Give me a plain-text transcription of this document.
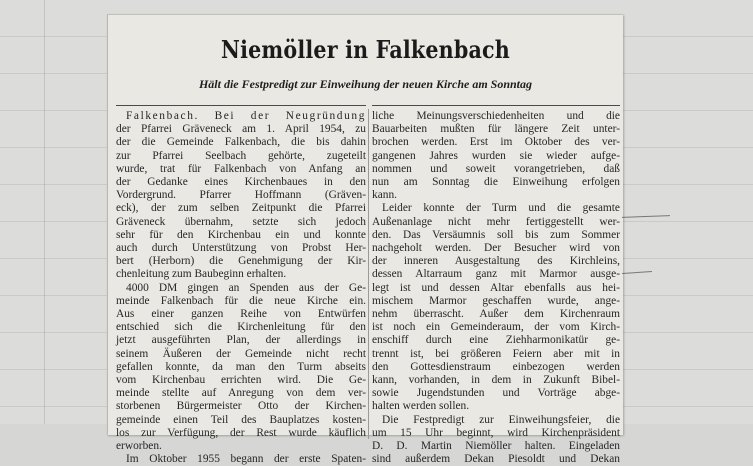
Niemöller in Falkenbach
Hält die Festpredigt zur Einweihung der neuen Kirche am Sonntag
Falkenbach. Bei der Neugründung
der Pfarrei Gräveneck am 1. April 1954, zu
der die Gemeinde Falkenbach, die bis dahin
zur Pfarrei Seelbach gehörte, zugeteilt
wurde, trat für Falkenbach von Anfang an
der Gedanke eines Kirchenbaues in den
Vordergrund. Pfarrer Hoffmann (Gräven-
eck), der zum selben Zeitpunkt die Pfarrei
Gräveneck übernahm, setzte sich jedoch
sehr für den Kirchenbau ein und konnte
auch durch Unterstützung von Probst Her-
bert (Herborn) die Genehmigung der Kir-
chenleitung zum Baubeginn erhalten.
4000 DM gingen an Spenden aus der Ge-
meinde Falkenbach für die neue Kirche ein.
Aus einer ganzen Reihe von Entwürfen
entschied sich die Kirchenleitung für den
jetzt ausgeführten Plan, der allerdings in
seinem Äußeren der Gemeinde nicht recht
gefallen konnte, da man den Turm abseits
vom Kirchenbau errichten wird. Die Ge-
meinde stellte auf Anregung von dem ver-
storbenen Bürgermeister Otto der Kirchen-
gemeinde einen Teil des Bauplatzes kosten-
los zur Verfügung, der Rest wurde käuflich
erworben.
Im Oktober 1955 begann der erste Spaten-
liche Meinungsverschiedenheiten und die
Bauarbeiten mußten für längere Zeit unter-
brochen werden. Erst im Oktober des ver-
gangenen Jahres wurden sie wieder aufge-
nommen und soweit vorangetrieben, daß
nun am Sonntag die Einweihung erfolgen
kann.
Leider konnte der Turm und die gesamte
Außenanlage nicht mehr fertiggestellt wer-
den. Das Versäumnis soll bis zum Sommer
nachgeholt werden. Der Besucher wird von
der inneren Ausgestaltung des Kirchleins,
dessen Altarraum ganz mit Marmor ausge-
legt ist und dessen Altar ebenfalls aus hei-
mischem Marmor geschaffen wurde, ange-
nehm überrascht. Außer dem Kirchenraum
ist noch ein Gemeinderaum, der vom Kirch-
enschiff durch eine Ziehharmonikatür ge-
trennt ist, bei größeren Feiern aber mit in
den Gottesdienstraum einbezogen werden
kann, vorhanden, in dem in Zukunft Bibel-
sowie Jugendstunden und Vorträge abge-
halten werden sollen.
Die Festpredigt zur Einweihungsfeier, die
um 15 Uhr beginnt, wird Kirchenpräsident
D. D. Martin Niemöller halten. Eingeladen
sind außerdem Dekan Piesoldt und Dekan
